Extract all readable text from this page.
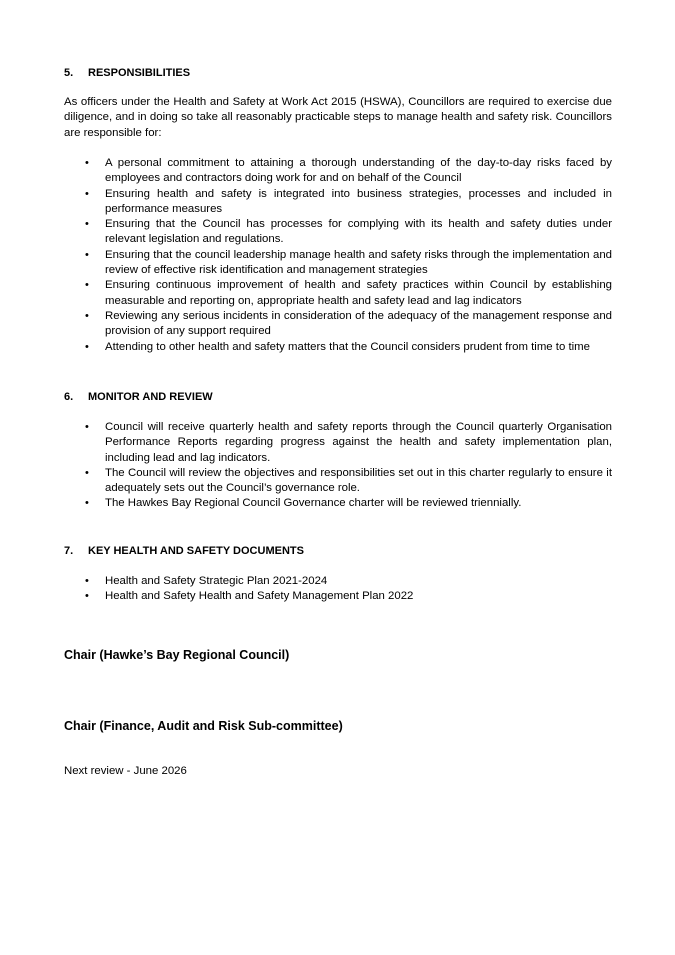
5. RESPONSIBILITIES
As officers under the Health and Safety at Work Act 2015 (HSWA), Councillors are required to exercise due diligence, and in doing so take all reasonably practicable steps to manage health and safety risk. Councillors are responsible for:
• A personal commitment to attaining a thorough understanding of the day-to-day risks faced by employees and contractors doing work for and on behalf of the Council
• Ensuring health and safety is integrated into business strategies, processes and included in performance measures
• Ensuring that the Council has processes for complying with its health and safety duties under relevant legislation and regulations.
• Ensuring that the council leadership manage health and safety risks through the implementation and review of effective risk identification and management strategies
• Ensuring continuous improvement of health and safety practices within Council by establishing measurable and reporting on, appropriate health and safety lead and lag indicators
• Reviewing any serious incidents in consideration of the adequacy of the management response and provision of any support required
• Attending to other health and safety matters that the Council considers prudent from time to time
6. MONITOR AND REVIEW
• Council will receive quarterly health and safety reports through the Council quarterly Organisation Performance Reports regarding progress against the health and safety implementation plan, including lead and lag indicators.
• The Council will review the objectives and responsibilities set out in this charter regularly to ensure it adequately sets out the Council’s governance role.
• The Hawkes Bay Regional Council Governance charter will be reviewed triennially.
7. KEY HEALTH AND SAFETY DOCUMENTS
• Health and Safety Strategic Plan 2021-2024
• Health and Safety Health and Safety Management Plan 2022
Chair (Hawke’s Bay Regional Council)
Chair (Finance, Audit and Risk Sub-committee)
Next review - June 2026
